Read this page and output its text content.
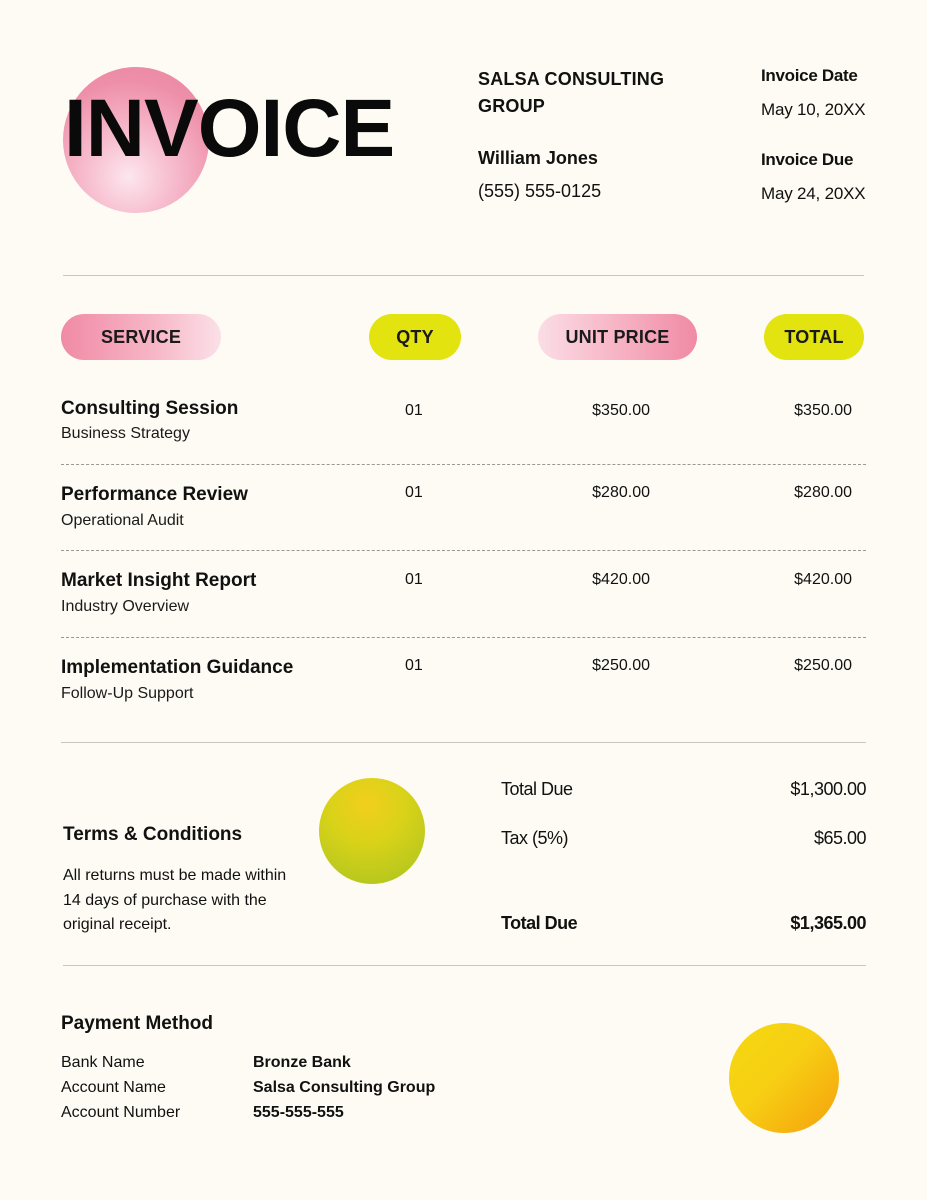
INVOICE
SALSA CONSULTING GROUP
William Jones
(555) 555-0125
Invoice Date
May 10, 20XX
Invoice Due
May 24, 20XX
SERVICE	QTY	UNIT PRICE	TOTAL
Consulting Session
Business Strategy
01	$350.00	$350.00
Performance Review
Operational Audit
01	$280.00	$280.00
Market Insight Report
Industry Overview
01	$420.00	$420.00
Implementation Guidance
Follow-Up Support
01	$250.00	$250.00
Terms & Conditions
All returns must be made within 14 days of purchase with the original receipt.
Total Due	$1,300.00
Tax (5%)	$65.00
Total Due	$1,365.00
Payment Method
Bank Name	Bronze Bank
Account Name	Salsa Consulting Group
Account Number	555-555-555
